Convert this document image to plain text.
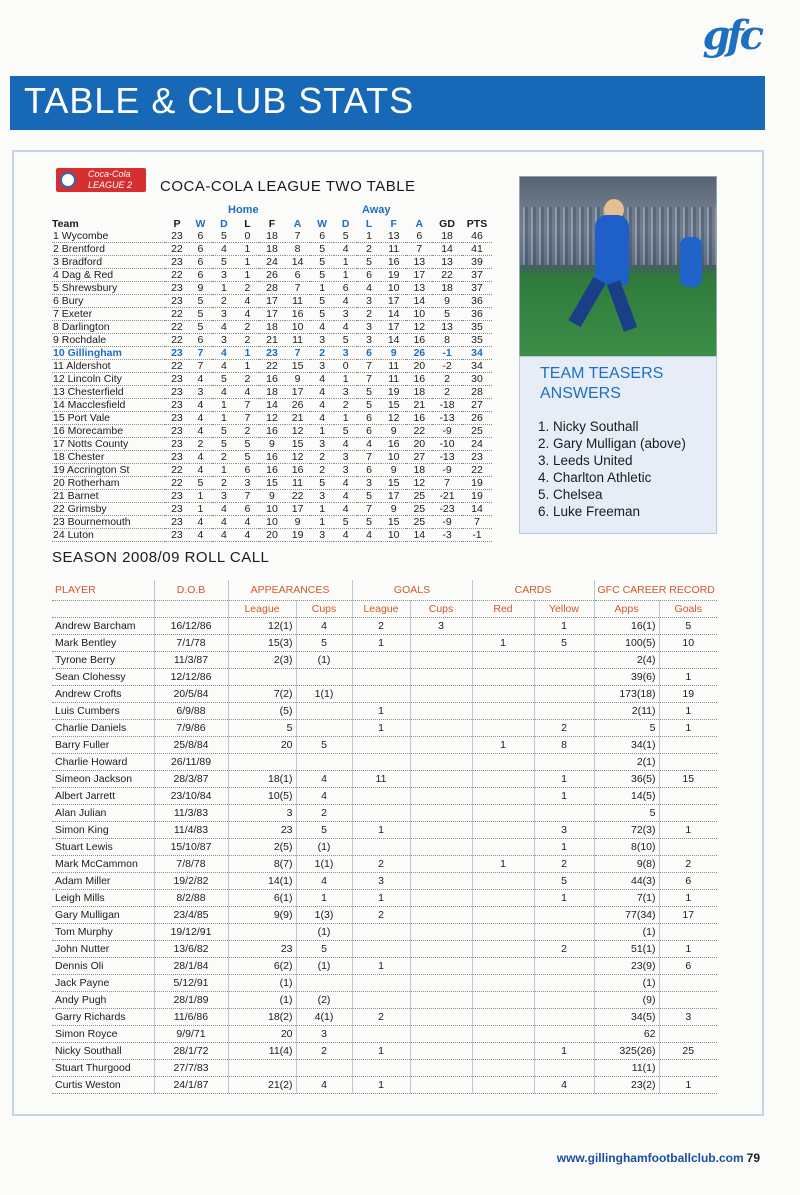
gfc
TABLE & CLUB STATS
Coca-Cola
LEAGUE 2	COCA-COLA LEAGUE TWO TABLE
Home	Away
Team	P	W	D	L	F	A	W	D	L	F	A	GD	PTS
1 Wycombe	23	6	5	0	18	7	6	5	1	13	6	18	46
2 Brentford	22	6	4	1	18	8	5	4	2	11	7	14	41
3 Bradford	23	6	5	1	24	14	5	1	5	16	13	13	39
4 Dag & Red	22	6	3	1	26	6	5	1	6	19	17	22	37
5 Shrewsbury	23	9	1	2	28	7	1	6	4	10	13	18	37
6 Bury	23	5	2	4	17	11	5	4	3	17	14	9	36
7 Exeter	22	5	3	4	17	16	5	3	2	14	10	5	36
8 Darlington	22	5	4	2	18	10	4	4	3	17	12	13	35
9 Rochdale	22	6	3	2	21	11	3	5	3	14	16	8	35
10 Gillingham	23	7	4	1	23	7	2	3	6	9	26	-1	34
11 Aldershot	22	7	4	1	22	15	3	0	7	11	20	-2	34
12 Lincoln City	23	4	5	2	16	9	4	1	7	11	16	2	30
13 Chesterfield	23	3	4	4	18	17	4	3	5	19	18	2	28
14 Macclesfield	23	4	1	7	14	26	4	2	5	15	21	-18	27
15 Port Vale	23	4	1	7	12	21	4	1	6	12	16	-13	26
16 Morecambe	23	4	5	2	16	12	1	5	6	9	22	-9	25
17 Notts County	23	2	5	5	9	15	3	4	4	16	20	-10	24
18 Chester	23	4	2	5	16	12	2	3	7	10	27	-13	23
19 Accrington St	22	4	1	6	16	16	2	3	6	9	18	-9	22
20 Rotherham	22	5	2	3	15	11	5	4	3	15	12	7	19
21 Barnet	23	1	3	7	9	22	3	4	5	17	25	-21	19
22 Grimsby	23	1	4	6	10	17	1	4	7	9	25	-23	14
23 Bournemouth	23	4	4	4	10	9	1	5	5	15	25	-9	7
24 Luton	23	4	4	4	20	19	3	4	4	10	14	-3	-1
TEAM TEASERS ANSWERS
1. Nicky Southall
2. Gary Mulligan (above)
3. Leeds United
4. Charlton Athletic
5. Chelsea
6. Luke Freeman
SEASON 2008/09 ROLL CALL
PLAYER	D.O.B	APPEARANCES		GOALS		CARDS		GFC CAREER RECORD	
		League	Cups	League	Cups	Red	Yellow	Apps	Goals
Andrew Barcham	16/12/86	12(1)	4	2	3		1	16(1)	5
Mark Bentley	7/1/78	15(3)	5	1		1	5	100(5)	10
Tyrone Berry	11/3/87	2(3)	(1)					2(4)	
Sean Clohessy	12/12/86							39(6)	1
Andrew Crofts	20/5/84	7(2)	1(1)					173(18)	19
Luis Cumbers	6/9/88	(5)		1				2(11)	1
Charlie Daniels	7/9/86	5		1			2	5	1
Barry Fuller	25/8/84	20	5			1	8	34(1)	
Charlie Howard	26/11/89							2(1)	
Simeon Jackson	28/3/87	18(1)	4	11			1	36(5)	15
Albert Jarrett	23/10/84	10(5)	4				1	14(5)	
Alan Julian	11/3/83	3	2					5	
Simon King	11/4/83	23	5	1			3	72(3)	1
Stuart Lewis	15/10/87	2(5)	(1)				1	8(10)	
Mark McCammon	7/8/78	8(7)	1(1)	2		1	2	9(8)	2
Adam Miller	19/2/82	14(1)	4	3			5	44(3)	6
Leigh Mills	8/2/88	6(1)	1	1			1	7(1)	1
Gary Mulligan	23/4/85	9(9)	1(3)	2				77(34)	17
Tom Murphy	19/12/91		(1)					(1)	
John Nutter	13/6/82	23	5				2	51(1)	1
Dennis Oli	28/1/84	6(2)	(1)	1				23(9)	6
Jack Payne	5/12/91	(1)						(1)	
Andy Pugh	28/1/89	(1)	(2)					(9)	
Garry Richards	11/6/86	18(2)	4(1)	2				34(5)	3
Simon Royce	9/9/71	20	3					62	
Nicky Southall	28/1/72	11(4)	2	1			1	325(26)	25
Stuart Thurgood	27/7/83							11(1)	
Curtis Weston	24/1/87	21(2)	4	1			4	23(2)	1
www.gillinghamfootballclub.com 79
